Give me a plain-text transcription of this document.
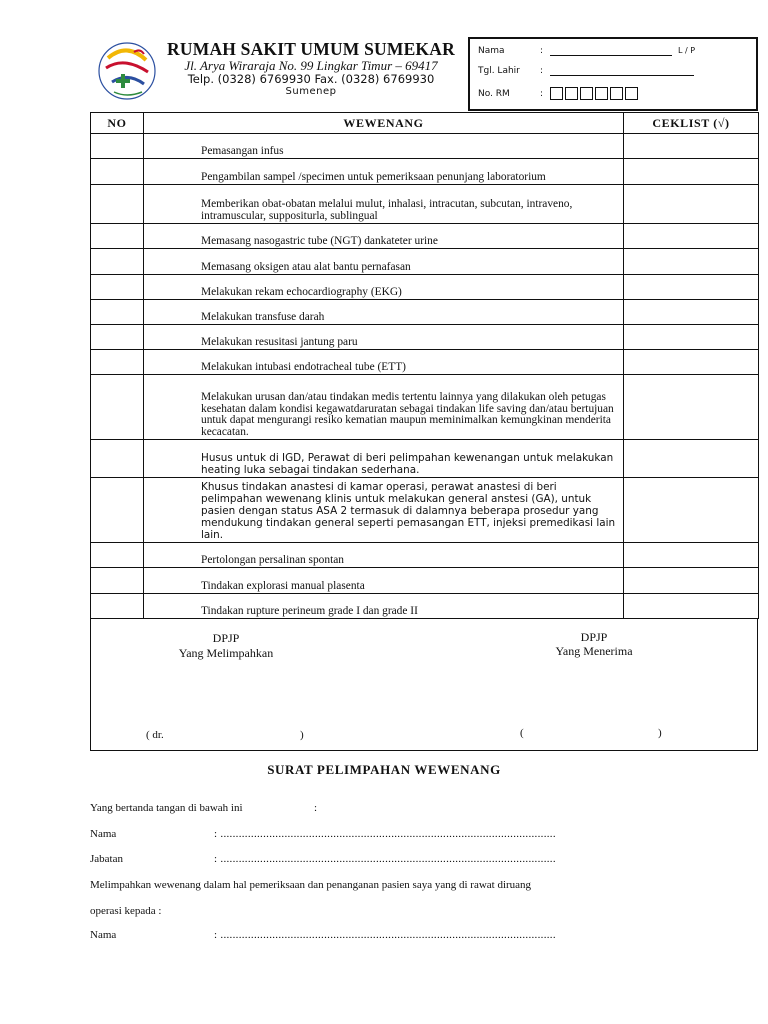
RUMAH SAKIT UMUM SUMEKAR
Jl. Arya Wiraraja No. 99 Lingkar Timur – 69417
Telp. (0328) 6769930 Fax. (0328) 6769930
Sumenep
Nama	:	L / P
Tgl. Lahir	:
No. RM	:
NO	WEWENANG	CEKLIST (√)
	Pemasangan infus	
	Pengambilan sampel /specimen untuk pemeriksaan penunjang laboratorium	
	Memberikan obat-obatan melalui mulut, inhalasi, intracutan, subcutan, intraveno, intramuscular, suppositurla, sublingual	
	Memasang nasogastric tube (NGT) dankateter urine	
	Memasang oksigen atau alat bantu pernafasan	
	Melakukan rekam echocardiography (EKG)	
	Melakukan transfuse darah	
	Melakukan resusitasi jantung paru	
	Melakukan intubasi endotracheal tube (ETT)	
	Melakukan urusan dan/atau tindakan medis tertentu lainnya yang dilakukan oleh petugas kesehatan dalam kondisi kegawatdaruratan sebagai tindakan life saving dan/atau bertujuan untuk dapat mengurangi resiko kematian maupun meminimalkan kemungkinan menderita kecacatan.	
	Husus untuk di IGD, Perawat di beri pelimpahan kewenangan untuk melakukan heating luka sebagai tindakan sederhana.	
	Khusus tindakan anastesi di kamar operasi, perawat anastesi di beri pelimpahan wewenang klinis untuk melakukan general anstesi (GA), untuk pasien dengan status ASA 2 termasuk di dalamnya beberapa prosedur yang mendukung tindakan general seperti pemasangan ETT, injeksi premedikasi lain lain.	
	Pertolongan persalinan spontan	
	Tindakan explorasi manual plasenta	
	Tindakan rupture perineum grade I dan grade II	
DPJP
Yang Melimpahkan
DPJP
Yang Menerima
( dr.	)	(	)
SURAT PELIMPAHAN WEWENANG
Yang bertanda tangan di bawah ini	:
Nama	: ..............................................................................................................
Jabatan	: ..............................................................................................................
Melimpahkan wewenang dalam hal pemeriksaan dan penanganan pasien saya yang di rawat diruang
operasi kepada :
Nama	: ..............................................................................................................
